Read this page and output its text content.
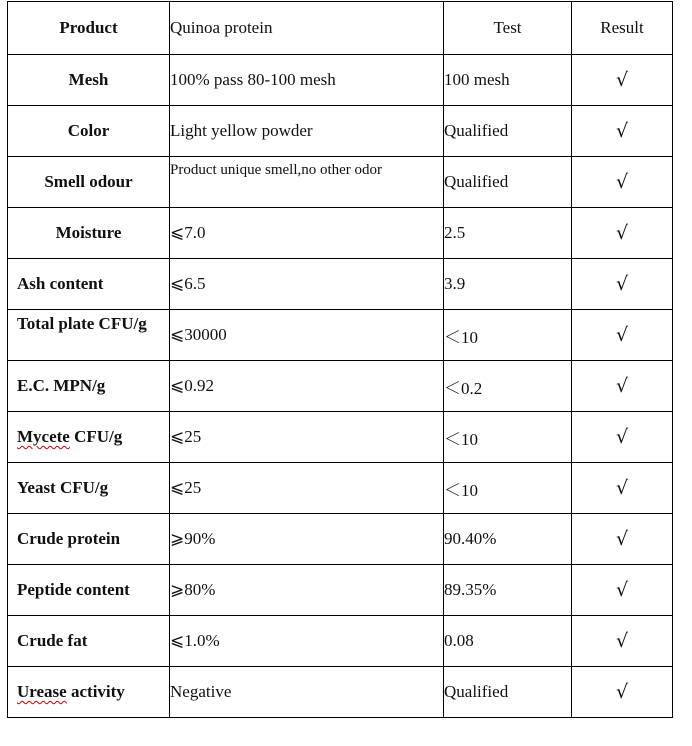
Product	Quinoa protein	Test	Result
Mesh	100% pass 80-100 mesh	100 mesh	√
Color	Light yellow powder	Qualified	√
Smell odour	Product unique smell,no other odor	Qualified	√
Moisture	⩽7.0	2.5	√
Ash content	⩽6.5	3.9	√
Total plate CFU/g	⩽30000	＜10	√
E.C. MPN/g	⩽0.92	＜0.2	√
Mycete CFU/g	⩽25	＜10	√
Yeast CFU/g	⩽25	＜10	√
Crude protein	⩾90%	90.40%	√
Peptide content	⩾80%	89.35%	√
Crude fat	⩽1.0%	0.08	√
Urease activity	Negative	Qualified	√
